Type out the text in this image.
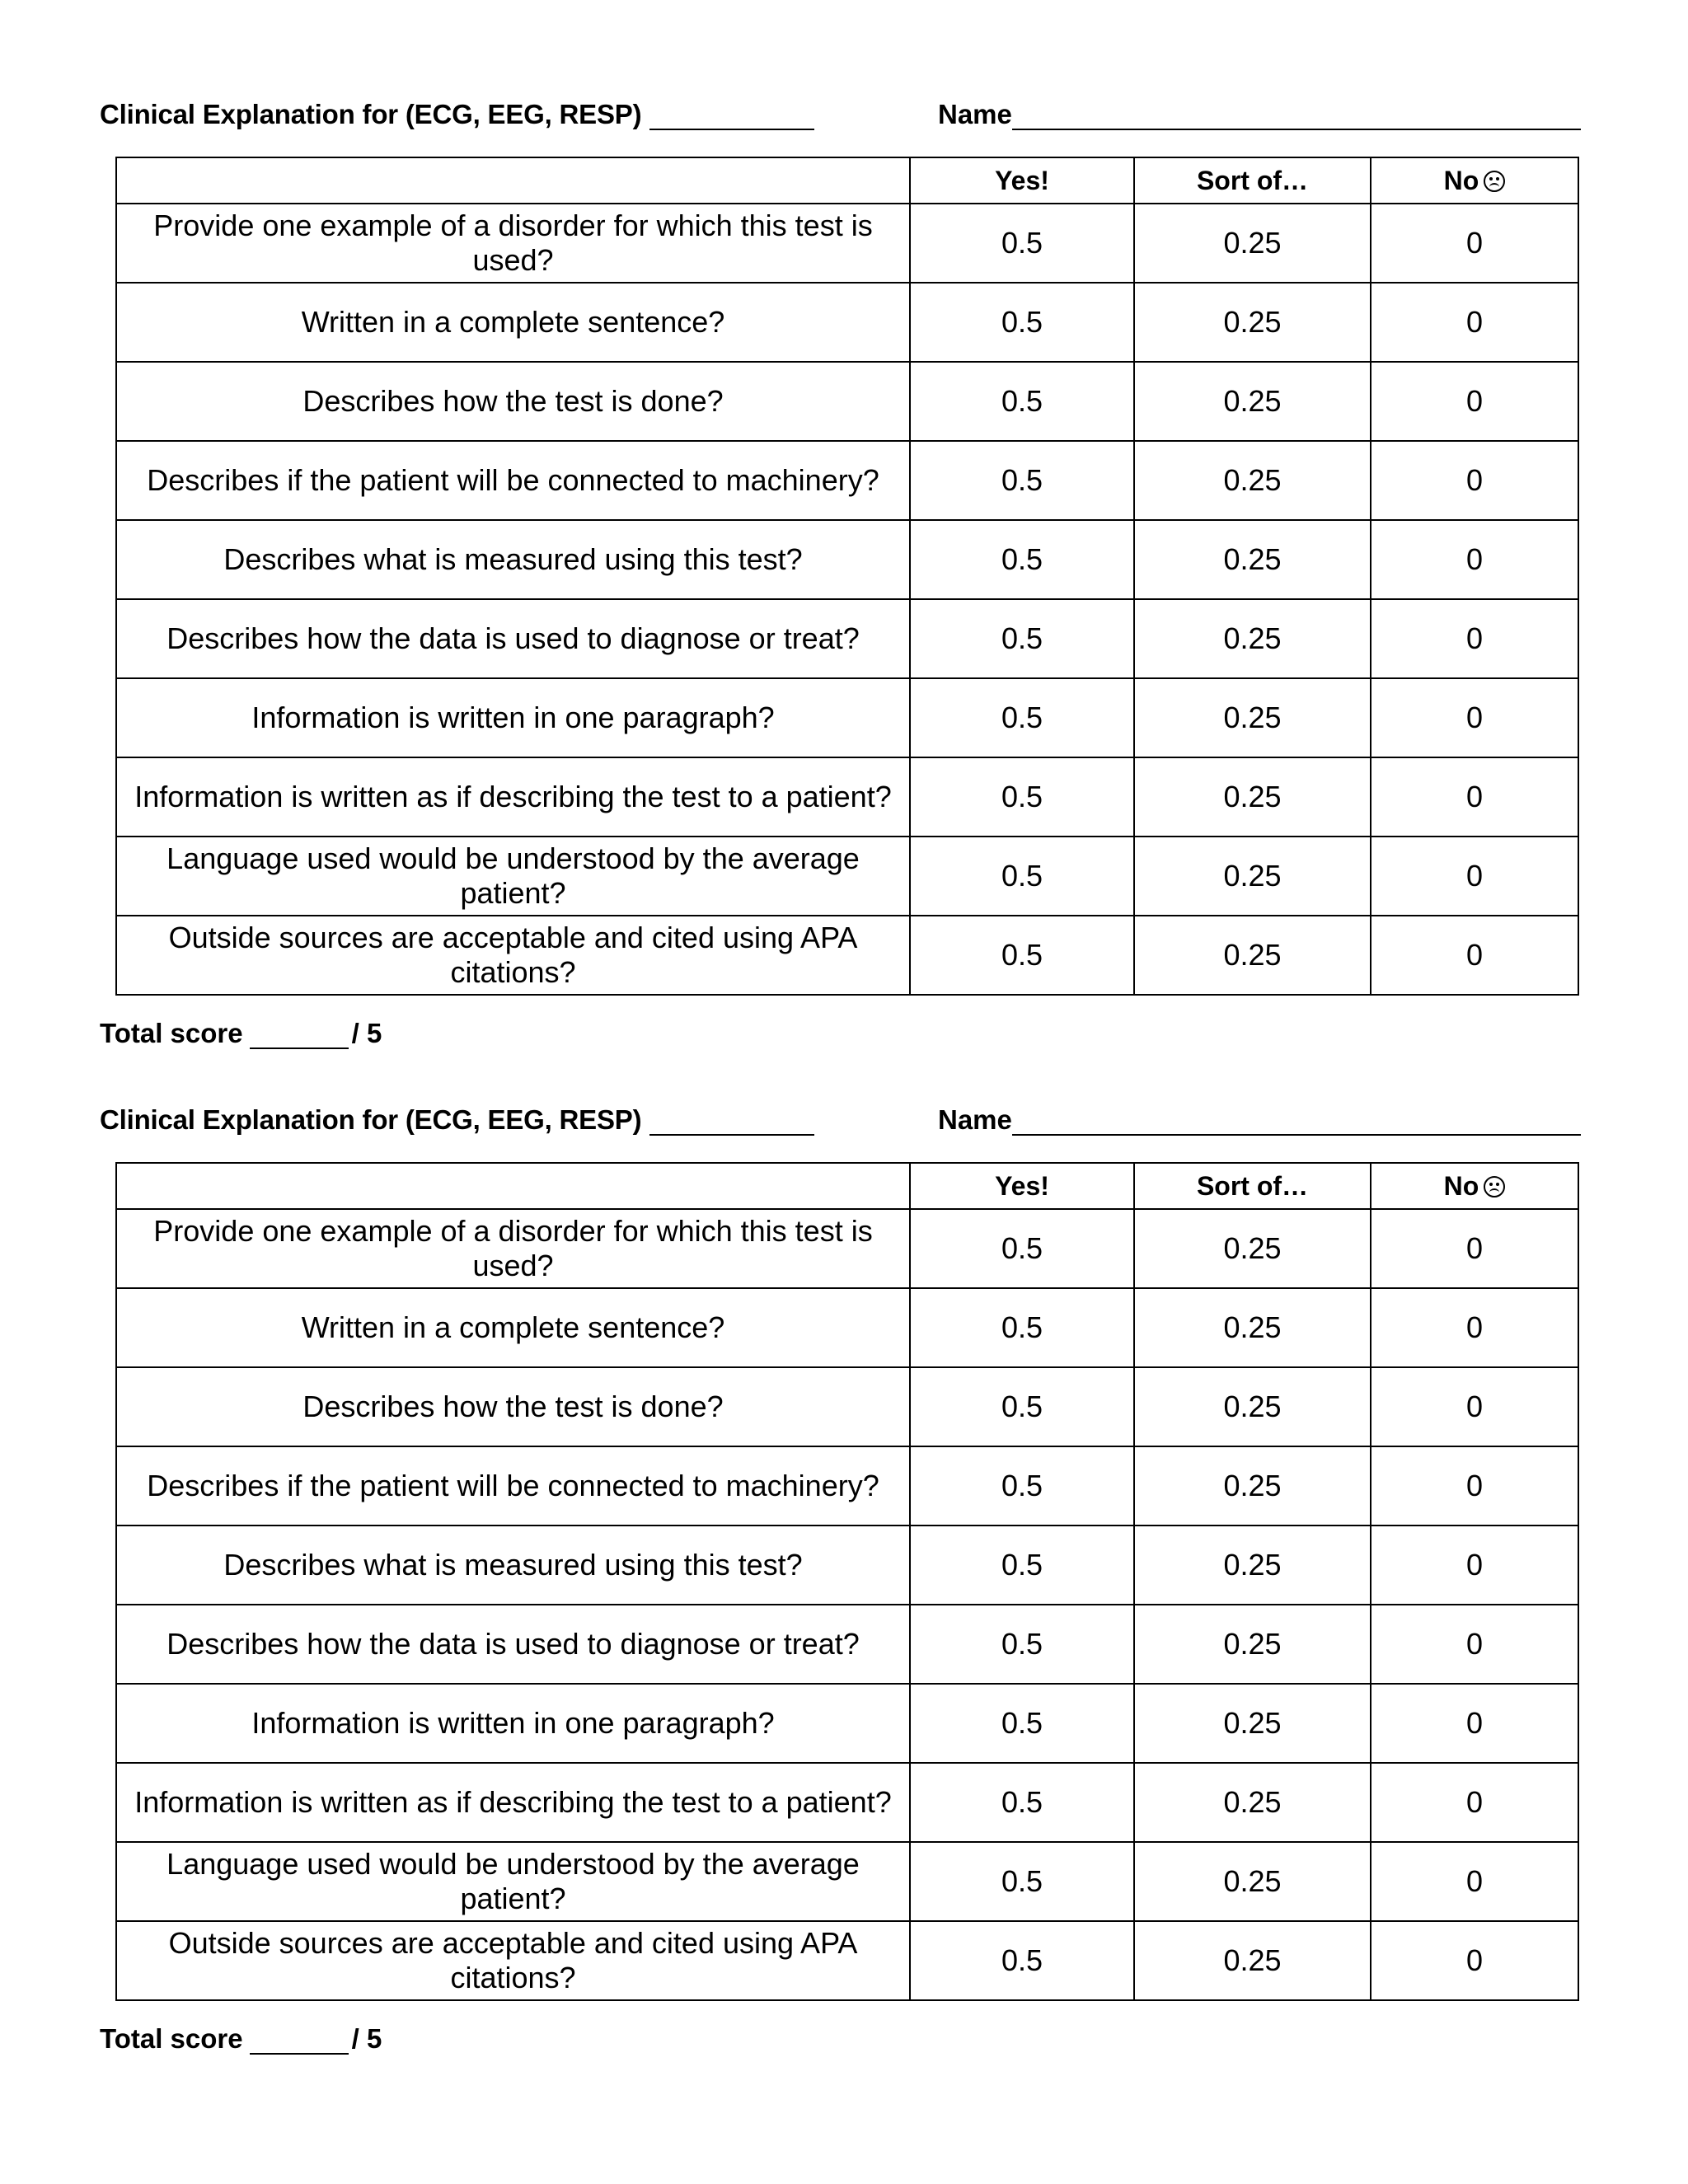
Clinical Explanation for (ECG, EEG, RESP)	Name
	Yes!	Sort of…	No

Provide one example of a disorder for which this test is used?	0.5	0.25	0
Written in a complete sentence?	0.5	0.25	0
Describes how the test is done?	0.5	0.25	0
Describes if the patient will be connected to machinery?	0.5	0.25	0
Describes what is measured using this test?	0.5	0.25	0
Describes how the data is used to diagnose or treat?	0.5	0.25	0
Information is written in one paragraph?	0.5	0.25	0
Information is written as if describing the test to a patient?	0.5	0.25	0
Language used would be understood by the average patient?	0.5	0.25	0
Outside sources are acceptable and cited using APA citations?	0.5	0.25	0
Total score	/ 5
Clinical Explanation for (ECG, EEG, RESP)	Name
	Yes!	Sort of…	No

Provide one example of a disorder for which this test is used?	0.5	0.25	0
Written in a complete sentence?	0.5	0.25	0
Describes how the test is done?	0.5	0.25	0
Describes if the patient will be connected to machinery?	0.5	0.25	0
Describes what is measured using this test?	0.5	0.25	0
Describes how the data is used to diagnose or treat?	0.5	0.25	0
Information is written in one paragraph?	0.5	0.25	0
Information is written as if describing the test to a patient?	0.5	0.25	0
Language used would be understood by the average patient?	0.5	0.25	0
Outside sources are acceptable and cited using APA citations?	0.5	0.25	0
Total score	/ 5
